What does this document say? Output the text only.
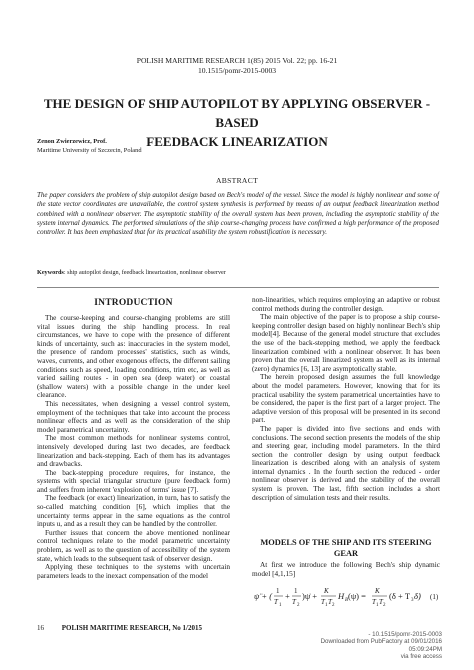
POLISH MARITIME RESEARCH 1(85) 2015 Vol. 22; pp. 16-21
10.1515/pomr-2015-0003
THE DESIGN OF SHIP AUTOPILOT BY APPLYING OBSERVER - BASED
FEEDBACK LINEARIZATION
Zenon Zwierzewicz, Prof.
Maritime University of Szczecin, Poland
ABSTRACT
The paper considers the problem of ship autopilot design based on Bech's model of the vessel. Since the model is highly nonlinear and some of the state vector coordinates are unavailable, the control system synthesis is performed by means of an output feedback linearization method combined with a nonlinear observer. The asymptotic stability of the overall system has been proven, including the asymptotic stability of the system internal dynamics. The performed simulations of the ship course-changing process have confirmed a high performance of the proposed controller. It has been emphasized that for its practical usability the system robustification is necessary.
Keywords: ship autopilot design, feedback linearization, nonlinear observer
INTRODUCTION

The course-keeping and course-changing problems are still vital issues during the ship handling process. In real circumstances, we have to cope with the presence of different kinds of uncertainty, such as: inaccuracies in the system model, the presence of random processes' statistics, such as winds, waves, currents, and other exogenous effects, the different sailing conditions such as speed, loading conditions, trim etc, as well as varied sailing routes - in open sea (deep water) or coastal (shallow waters) with a possible change in the under keel clearance.

This necessitates, when designing a vessel control system, employment of the techniques that take into account the process nonlinear effects and as well as the consideration of the ship model parametrical uncertainty.

The most common methods for nonlinear systems control, intensively developed during last two decades, are feedback linearization and back-stepping. Each of them has its advantages and drawbacks.

The back-stepping procedure requires, for instance, the systems with special triangular structure (pure feedback form) and suffers from inherent 'explosion of terms' issue [7].

The feedback (or exact) linearization, in turn, has to satisfy the so-called matching condition [6], which implies that the uncertainty terms appear in the same equations as the control inputs u, and as a result they can be handled by the controller.

Further issues that concern the above mentioned nonlinear control techniques relate to the model parametric uncertainty problem, as well as to the question of accessibility of the system state, which leads to the subsequent task of observer design.

Applying these techniques to the systems with uncertain parameters leads to the inexact compensation of the model

non-linearities, which requires employing an adaptive or robust control methods during the controller design.

The main objective of the paper is to propose a ship course-keeping controller design based on highly nonlinear Bech's ship model[4]. Because of the general model structure that excludes the use of the back-stepping method, we apply the feedback linearization combined with a nonlinear observer. It has been proven that the overall linearized system as well as its internal (zero) dynamics [6, 13] are asymptotically stable.

The herein proposed design assumes the full knowledge about the model parameters. However, knowing that for its practical usability the system parametrical uncertainties have to be considered, the paper is the first part of a larger project. The adaptive version of this proposal will be presented in its second part.

The paper is divided into five sections and ends with conclusions. The second section presents the models of the ship and steering gear, including model parameters. In the third section the controller design by using output feedback linearization is described along with an analysis of system internal dynamics . In the fourth section the reduced - order nonlinear observer is derived and the stability of the overall system is proven. The last, fifth section includes a short description of simulation tests and their results.

MODELS OF THE SHIP AND ITS STEERING GEAR

At first we introduce the following Bech's ship dynamic model [4,1,15]

ψ̈ + ( 1
T 1
+ 1
T 2
)ψ̇ + K
T 1 T 2
H B (ψ) = K
T 1 T 2
(δ + T 3 δ̇) (1)
16	POLISH MARITIME RESEARCH, No 1/2015
- 10.1515/pomr-2015-0003
Downloaded from PubFactory at 09/01/2016 05:09:24PM
via free access
